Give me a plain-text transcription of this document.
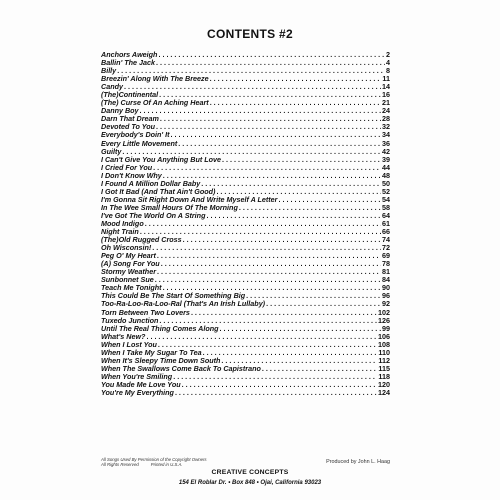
CONTENTS #2
Anchors Aweigh . . .	2
Ballin' The Jack . . .	4
Billy . . .	8
Breezin' Along With The Breeze . . .	11
Candy . . .	14
(The)Continental . . .	16
(The) Curse Of An Aching Heart . . .	21
Danny Boy . . .	24
Darn That Dream . . .	28
Devoted To You . . .	32
Everybody's Doin' It . . .	34
Every Little Movement . . .	36
Guilty . . .	42
I Can't Give You Anything But Love . . .	39
I Cried For You . . .	44
I Don't Know Why . . .	48
I Found A Million Dollar Baby . . .	50
I Got It Bad (And That Ain't Good) . . .	52
I'm Gonna Sit Right Down And Write Myself A Letter . . .	54
In The Wee Small Hours Of The Morning . . .	58
I've Got The World On A String . . .	64
Mood Indigo . . .	61
Night Train . . .	66
(The)Old Rugged Cross . . .	74
Oh Wisconsin! . . .	72
Peg O' My Heart . . .	69
(A) Song For You . . .	78
Stormy Weather . . .	81
Sunbonnet Sue . . .	84
Teach Me Tonight . . .	90
This Could Be The Start Of Something Big . . .	96
Too-Ra-Loo-Ra-Loo-Ral (That's An Irish Lullaby) . . .	92
Torn Between Two Lovers . . .	102
Tuxedo Junction . . .	126
Until The Real Thing Comes Along . . .	99
What's New? . . .	106
When I Lost You . . .	108
When I Take My Sugar To Tea . . .	110
When It's Sleepy Time Down South . . .	112
When The Swallows Come Back To Capistrano . . .	115
When You're Smiling . . .	118
You Made Me Love You . . .	120
You're My Everything . . .	124
All Songs Used By Permission of the Copyright Owners
All Rights Reserved	Printed in U.S.A.	Produced by John L. Haag
CREATIVE CONCEPTS
154 El Roblar Dr. • Box 848 • Ojai, California 93023
